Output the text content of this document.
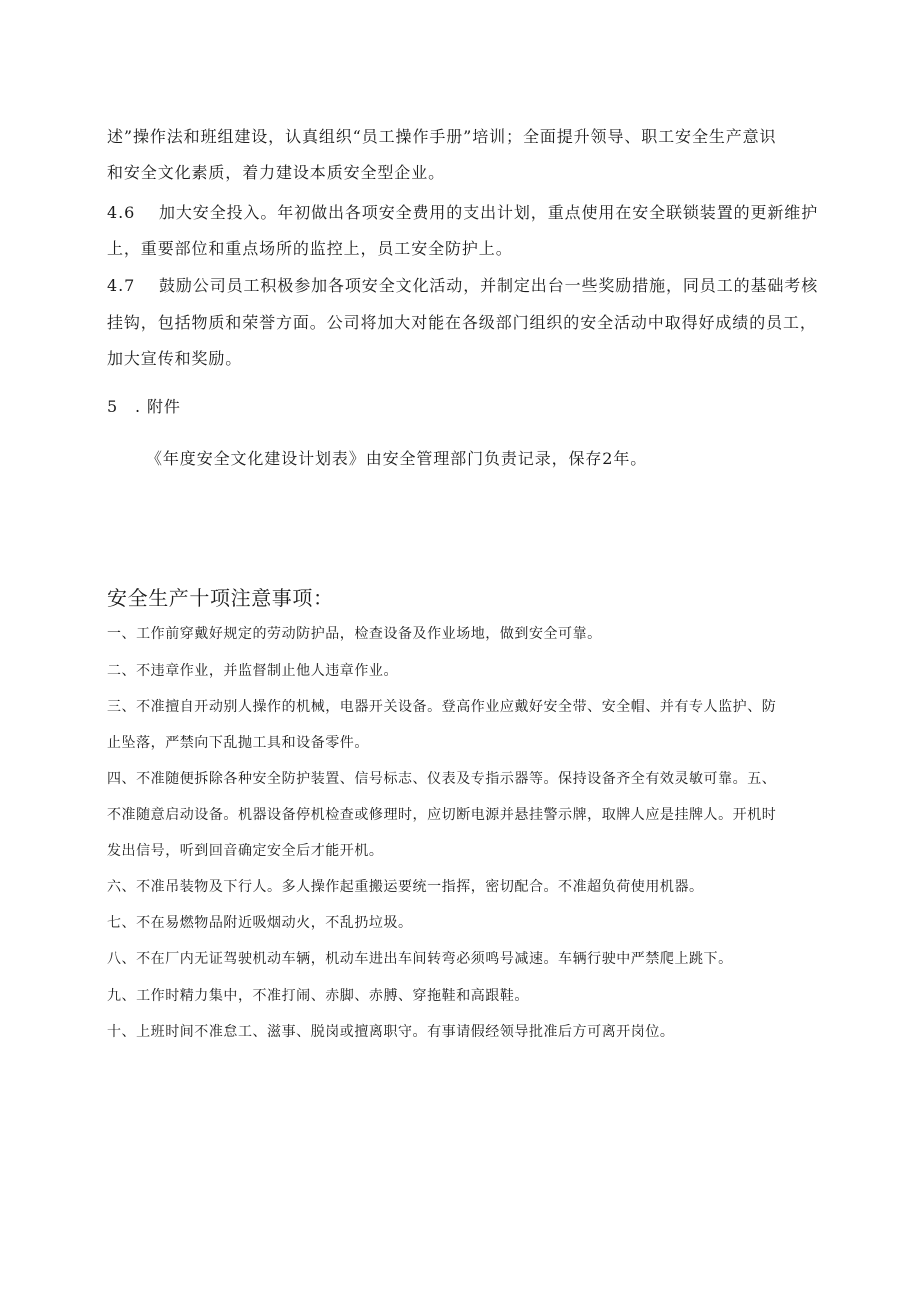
述”操作法和班组建设，认真组织“员工操作手册”培训；全面提升领导、职工安全生产意识
和安全文化素质，着力建设本质安全型企业。
4.6 加大安全投入。年初做出各项安全费用的支出计划，重点使用在安全联锁装置的更新维护
上，重要部位和重点场所的监控上，员工安全防护上。
4.7 鼓励公司员工积极参加各项安全文化活动，并制定出台一些奖励措施，同员工的基础考核
挂钩，包括物质和荣誉方面。公司将加大对能在各级部门组织的安全活动中取得好成绩的员工，
加大宣传和奖励。
5　. 附件
《年度安全文化建设计划表》由安全管理部门负责记录，保存2年。
安全生产十项注意事项：
一、工作前穿戴好规定的劳动防护品，检查设备及作业场地，做到安全可靠。
二、不违章作业，并监督制止他人违章作业。
三、不准擅自开动别人操作的机械，电器开关设备。登高作业应戴好安全带、安全帽、并有专人监护、防
止坠落，严禁向下乱抛工具和设备零件。
四、不准随便拆除各种安全防护装置、信号标志、仪表及专指示器等。保持设备齐全有效灵敏可靠。五、
不准随意启动设备。机器设备停机检查或修理时，应切断电源并悬挂警示牌，取牌人应是挂牌人。开机时
发出信号，听到回音确定安全后才能开机。
六、不准吊装物及下行人。多人操作起重搬运要统一指挥，密切配合。不准超负荷使用机器。
七、不在易燃物品附近吸烟动火，不乱扔垃圾。
八、不在厂内无证驾驶机动车辆，机动车进出车间转弯必须鸣号减速。车辆行驶中严禁爬上跳下。
九、工作时精力集中，不准打闹、赤脚、赤膊、穿拖鞋和高跟鞋。
十、上班时间不准怠工、滋事、脱岗或擅离职守。有事请假经领导批准后方可离开岗位。
